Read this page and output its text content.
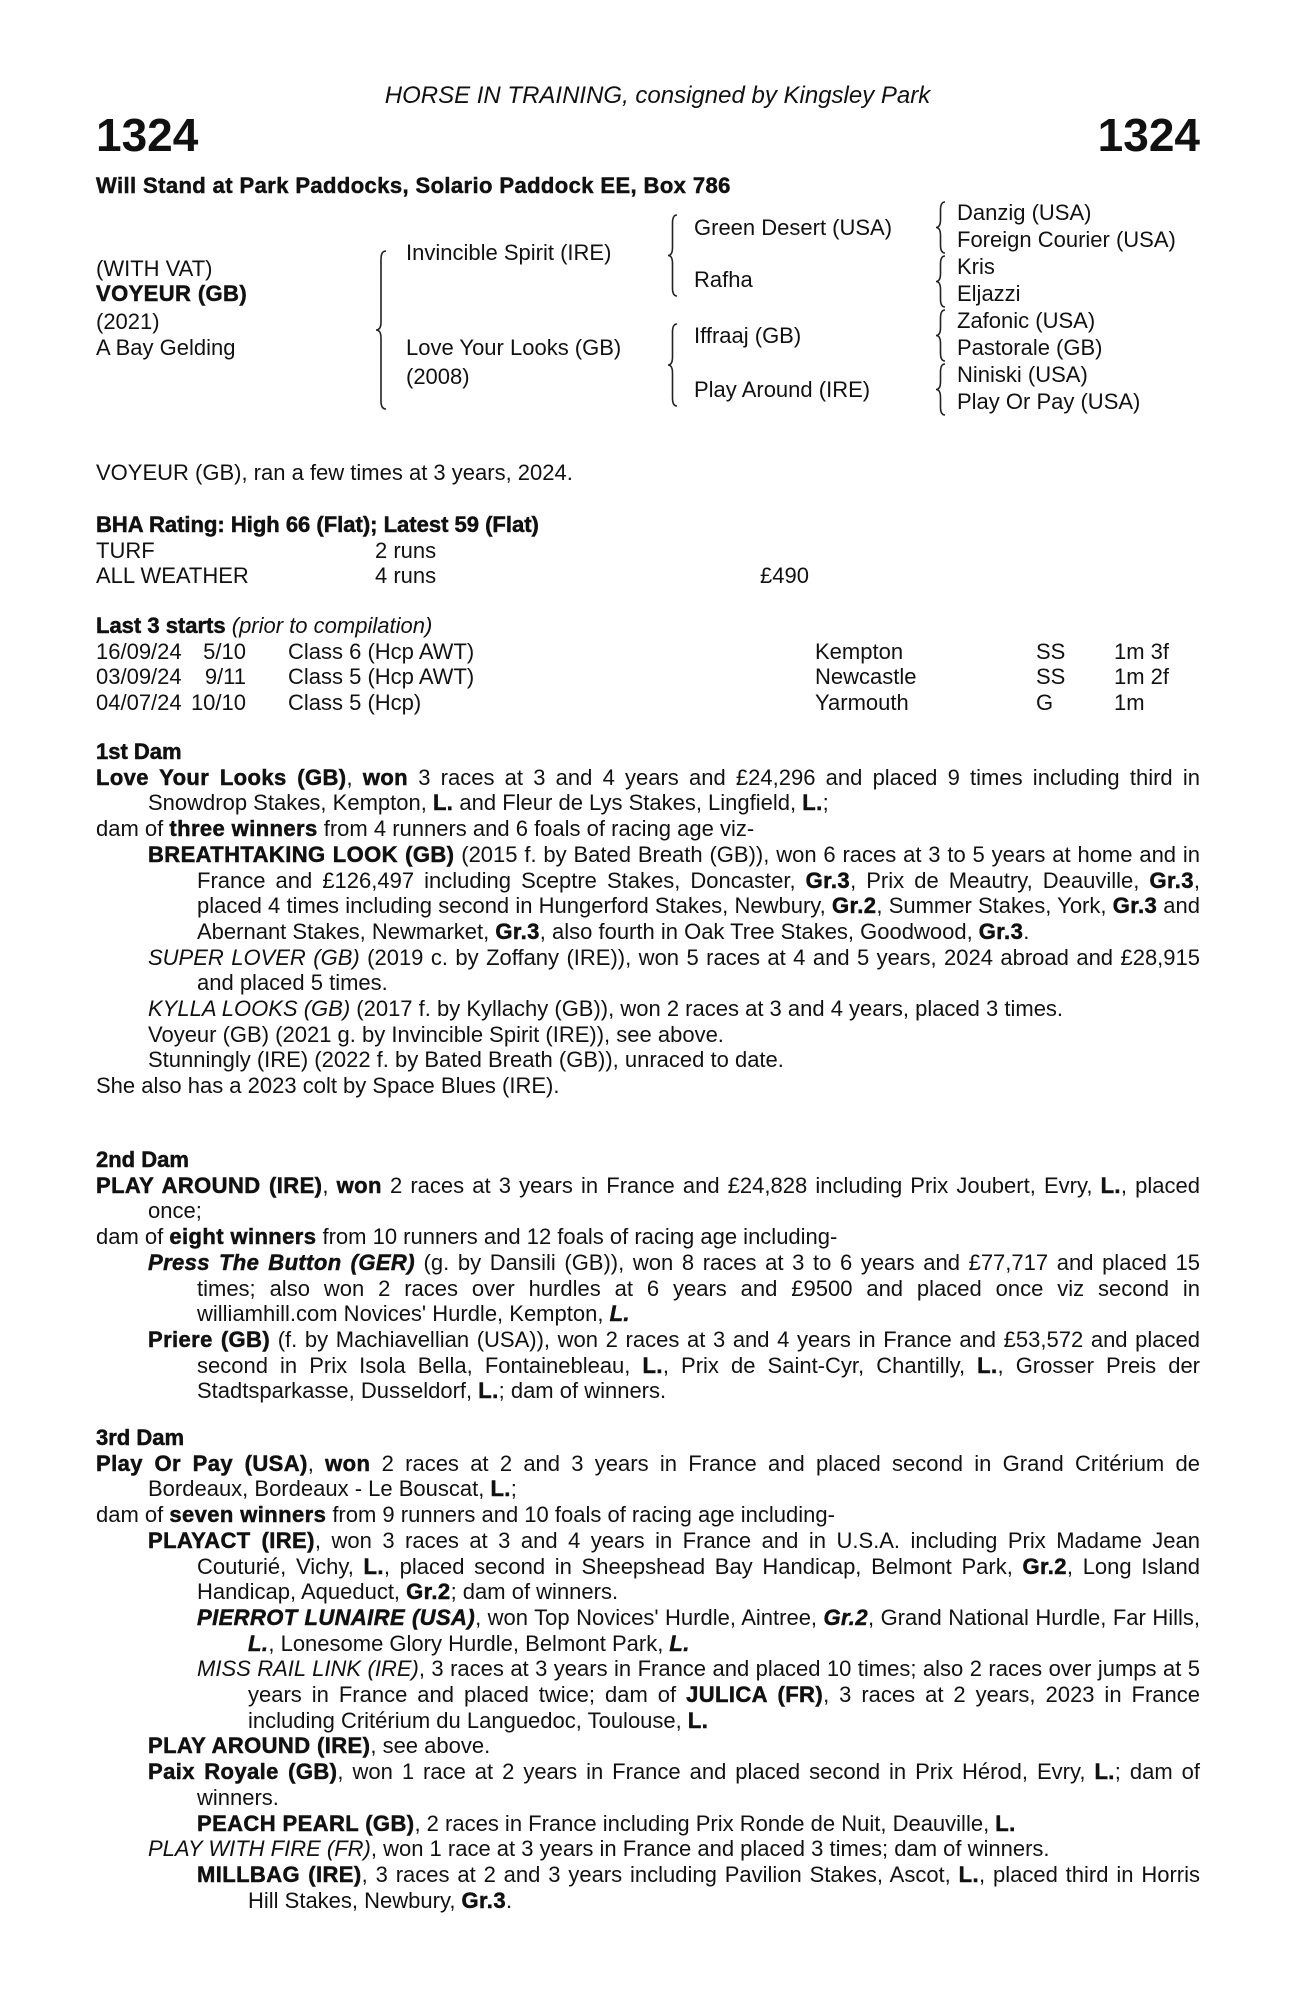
HORSE IN TRAINING, consigned by Kingsley Park
1324	1324
Will Stand at Park Paddocks, Solario Paddock EE, Box 786
(WITH VAT)
VOYEUR (GB)
(2021)
A Bay Gelding
Invincible Spirit (IRE)
Love Your Looks (GB)
(2008)
Green Desert (USA)
Rafha
Iffraaj (GB)
Play Around (IRE)
Danzig (USA)
Foreign Courier (USA)
Kris
Eljazzi
Zafonic (USA)
Pastorale (GB)
Niniski (USA)
Play Or Pay (USA)
VOYEUR (GB), ran a few times at 3 years, 2024.
BHA Rating: High 66 (Flat); Latest 59 (Flat)
TURF	2 runs
ALL WEATHER	4 runs	£490
Last 3 starts (prior to compilation)
16/09/24 5/10 Class 6 (Hcp AWT)	Kempton	SS 1m 3f
03/09/24 9/11 Class 5 (Hcp AWT)	Newcastle	SS 1m 2f
04/07/24 10/10 Class 5 (Hcp)	Yarmouth	G	1m
1st Dam
Love Your Looks (GB), won 3 races at 3 and 4 years and £24,296 and placed 9 times including third in Snowdrop Stakes, Kempton, L. and Fleur de Lys Stakes, Lingfield, L.;
dam of three winners from 4 runners and 6 foals of racing age viz-
BREATHTAKING LOOK (GB) (2015 f. by Bated Breath (GB)), won 6 races at 3 to 5 years at home and in France and £126,497 including Sceptre Stakes, Doncaster, Gr.3, Prix de Meautry, Deauville, Gr.3, placed 4 times including second in Hungerford Stakes, Newbury, Gr.2, Summer Stakes, York, Gr.3 and Abernant Stakes, Newmarket, Gr.3, also fourth in Oak Tree Stakes, Goodwood, Gr.3.
SUPER LOVER (GB) (2019 c. by Zoffany (IRE)), won 5 races at 4 and 5 years, 2024 abroad and £28,915 and placed 5 times.
KYLLA LOOKS (GB) (2017 f. by Kyllachy (GB)), won 2 races at 3 and 4 years, placed 3 times.
Voyeur (GB) (2021 g. by Invincible Spirit (IRE)), see above.
Stunningly (IRE) (2022 f. by Bated Breath (GB)), unraced to date.
She also has a 2023 colt by Space Blues (IRE).
2nd Dam
PLAY AROUND (IRE), won 2 races at 3 years in France and £24,828 including Prix Joubert, Evry, L., placed once;
dam of eight winners from 10 runners and 12 foals of racing age including-
Press The Button (GER) (g. by Dansili (GB)), won 8 races at 3 to 6 years and £77,717 and placed 15 times; also won 2 races over hurdles at 6 years and £9500 and placed once viz second in williamhill.com Novices' Hurdle, Kempton, L.
Priere (GB) (f. by Machiavellian (USA)), won 2 races at 3 and 4 years in France and £53,572 and placed second in Prix Isola Bella, Fontainebleau, L., Prix de Saint-Cyr, Chantilly, L., Grosser Preis der Stadtsparkasse, Dusseldorf, L.; dam of winners.
3rd Dam
Play Or Pay (USA), won 2 races at 2 and 3 years in France and placed second in Grand Critérium de Bordeaux, Bordeaux - Le Bouscat, L.;
dam of seven winners from 9 runners and 10 foals of racing age including-
PLAYACT (IRE), won 3 races at 3 and 4 years in France and in U.S.A. including Prix Madame Jean Couturié, Vichy, L., placed second in Sheepshead Bay Handicap, Belmont Park, Gr.2, Long Island Handicap, Aqueduct, Gr.2; dam of winners.
PIERROT LUNAIRE (USA), won Top Novices' Hurdle, Aintree, Gr.2, Grand National Hurdle, Far Hills, L., Lonesome Glory Hurdle, Belmont Park, L.
MISS RAIL LINK (IRE), 3 races at 3 years in France and placed 10 times; also 2 races over jumps at 5 years in France and placed twice; dam of JULICA (FR), 3 races at 2 years, 2023 in France including Critérium du Languedoc, Toulouse, L.
PLAY AROUND (IRE), see above.
Paix Royale (GB), won 1 race at 2 years in France and placed second in Prix Hérod, Evry, L.; dam of winners.
PEACH PEARL (GB), 2 races in France including Prix Ronde de Nuit, Deauville, L.
PLAY WITH FIRE (FR), won 1 race at 3 years in France and placed 3 times; dam of winners.
MILLBAG (IRE), 3 races at 2 and 3 years including Pavilion Stakes, Ascot, L., placed third in Horris Hill Stakes, Newbury, Gr.3.
